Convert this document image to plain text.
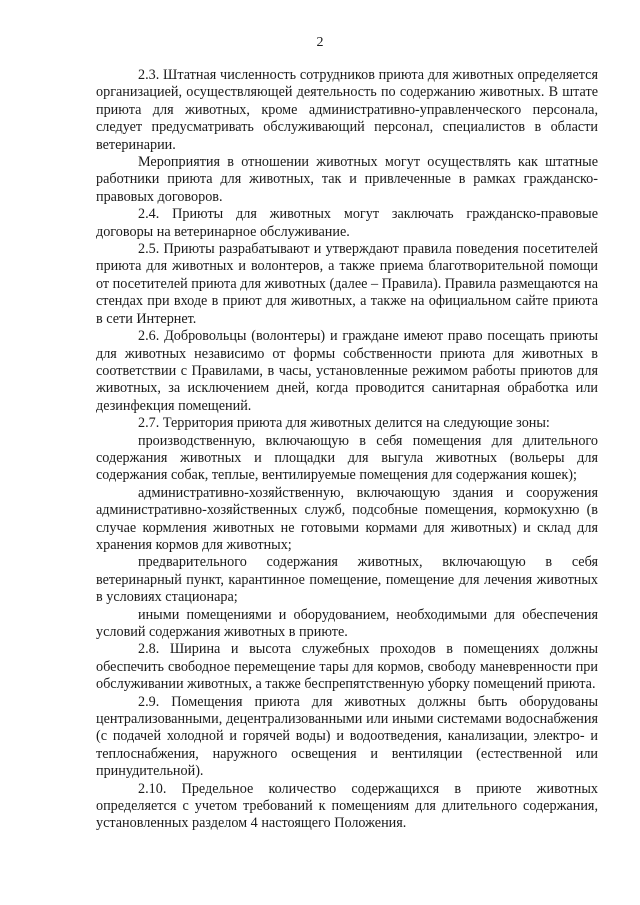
2

2.3. Штатная численность сотрудников приюта для животных определяется организацией, осуществляющей деятельность по содержанию животных. В штате приюта для животных, кроме административно-управленческого персонала, следует предусматривать обслуживающий персонал, специалистов в области ветеринарии.

Мероприятия в отношении животных могут осуществлять как штатные работники приюта для животных, так и привлеченные в рамках гражданско-правовых договоров.

2.4. Приюты для животных могут заключать гражданско-правовые договоры на ветеринарное обслуживание.

2.5. Приюты разрабатывают и утверждают правила поведения посетителей приюта для животных и волонтеров, а также приема благотворительной помощи от посетителей приюта для животных (далее – Правила). Правила размещаются на стендах при входе в приют для животных, а также на официальном сайте приюта в сети Интернет.

2.6. Добровольцы (волонтеры) и граждане имеют право посещать приюты для животных независимо от формы собственности приюта для животных в соответствии с Правилами, в часы, установленные режимом работы приютов для животных, за исключением дней, когда проводится санитарная обработка или дезинфекция помещений.

2.7. Территория приюта для животных делится на следующие зоны:

производственную, включающую в себя помещения для длительного содержания животных и площадки для выгула животных (вольеры для содержания собак, теплые, вентилируемые помещения для содержания кошек);

административно-хозяйственную, включающую здания и сооружения административно-хозяйственных служб, подсобные помещения, кормокухню (в случае кормления животных не готовыми кормами для животных) и склад для хранения кормов для животных;

предварительного содержания животных, включающую в себя ветеринарный пункт, карантинное помещение, помещение для лечения животных в условиях стационара;

иными помещениями и оборудованием, необходимыми для обеспечения условий содержания животных в приюте.

2.8. Ширина и высота служебных проходов в помещениях должны обеспечить свободное перемещение тары для кормов, свободу маневренности при обслуживании животных, а также беспрепятственную уборку помещений приюта.

2.9. Помещения приюта для животных должны быть оборудованы централизованными, децентрализованными или иными системами водоснабжения (с подачей холодной и горячей воды) и водоотведения, канализации, электро- и теплоснабжения, наружного освещения и вентиляции (естественной или принудительной).

2.10. Предельное количество содержащихся в приюте животных определяется с учетом требований к помещениям для длительного содержания, установленных разделом 4 настоящего Положения.
